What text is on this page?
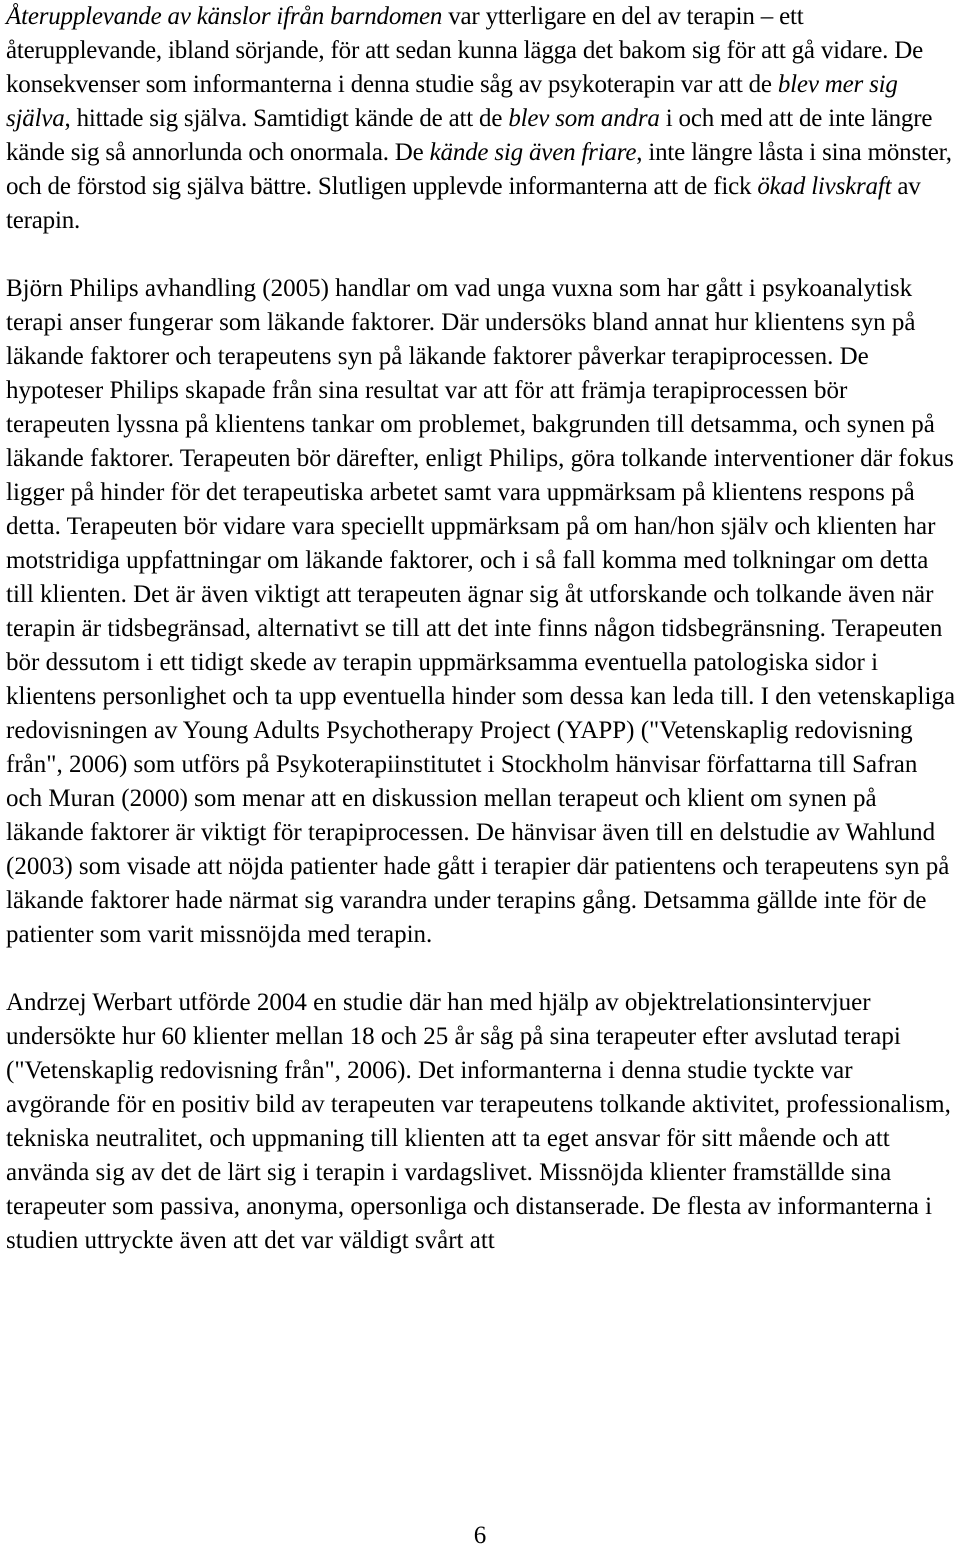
Återupplevande av känslor ifrån barndomen var ytterligare en del av terapin – ett återupplevande, ibland sörjande, för att sedan kunna lägga det bakom sig för att gå vidare. De konsekvenser som informanterna i denna studie såg av psykoterapin var att de blev mer sig själva, hittade sig själva. Samtidigt kände de att de blev som andra i och med att de inte längre kände sig så annorlunda och onormala. De kände sig även friare, inte längre låsta i sina mönster, och de förstod sig själva bättre. Slutligen upplevde informanterna att de fick ökad livskraft av terapin.

Björn Philips avhandling (2005) handlar om vad unga vuxna som har gått i psykoanalytisk terapi anser fungerar som läkande faktorer. Där undersöks bland annat hur klientens syn på läkande faktorer och terapeutens syn på läkande faktorer påverkar terapiprocessen. De hypoteser Philips skapade från sina resultat var att för att främja terapiprocessen bör terapeuten lyssna på klientens tankar om problemet, bakgrunden till detsamma, och synen på läkande faktorer. Terapeuten bör därefter, enligt Philips, göra tolkande interventioner där fokus ligger på hinder för det terapeutiska arbetet samt vara uppmärksam på klientens respons på detta. Terapeuten bör vidare vara speciellt uppmärksam på om han/hon själv och klienten har motstridiga uppfattningar om läkande faktorer, och i så fall komma med tolkningar om detta till klienten. Det är även viktigt att terapeuten ägnar sig åt utforskande och tolkande även när terapin är tidsbegränsad, alternativt se till att det inte finns någon tidsbegränsning. Terapeuten bör dessutom i ett tidigt skede av terapin uppmärksamma eventuella patologiska sidor i klientens personlighet och ta upp eventuella hinder som dessa kan leda till. I den vetenskapliga redovisningen av Young Adults Psychotherapy Project (YAPP) ("Vetenskaplig redovisning från", 2006) som utförs på Psykoterapiinstitutet i Stockholm hänvisar författarna till Safran och Muran (2000) som menar att en diskussion mellan terapeut och klient om synen på läkande faktorer är viktigt för terapiprocessen. De hänvisar även till en delstudie av Wahlund (2003) som visade att nöjda patienter hade gått i terapier där patientens och terapeutens syn på läkande faktorer hade närmat sig varandra under terapins gång. Detsamma gällde inte för de patienter som varit missnöjda med terapin.

Andrzej Werbart utförde 2004 en studie där han med hjälp av objektrelationsintervjuer undersökte hur 60 klienter mellan 18 och 25 år såg på sina terapeuter efter avslutad terapi ("Vetenskaplig redovisning från", 2006). Det informanterna i denna studie tyckte var avgörande för en positiv bild av terapeuten var terapeutens tolkande aktivitet, professionalism, tekniska neutralitet, och uppmaning till klienten att ta eget ansvar för sitt mående och att använda sig av det de lärt sig i terapin i vardagslivet. Missnöjda klienter framställde sina terapeuter som passiva, anonyma, opersonliga och distanserade. De flesta av informanterna i studien uttryckte även att det var väldigt svårt att

6
